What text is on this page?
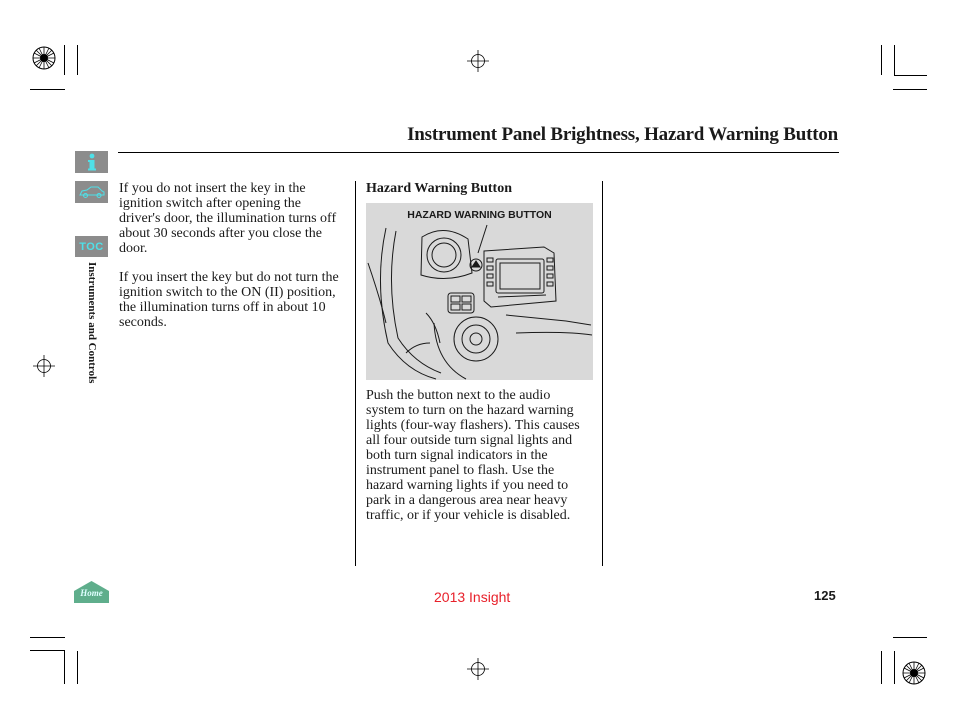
Instrument Panel Brightness, Hazard Warning Button
TOC
Instruments and Controls
Home

If you do not insert the key in the ignition switch after opening the driver's door, the illumination turns off about 30 seconds after you close the door.

If you insert the key but do not turn the ignition switch to the ON (II) position, the illumination turns off in about 10 seconds.

Hazard Warning Button
HAZARD WARNING BUTTON

Push the button next to the audio system to turn on the hazard warning lights (four-way flashers). This causes all four outside turn signal lights and both turn signal indicators in the instrument panel to flash. Use the hazard warning lights if you need to park in a dangerous area near heavy traffic, or if your vehicle is disabled.

2013 Insight	125
